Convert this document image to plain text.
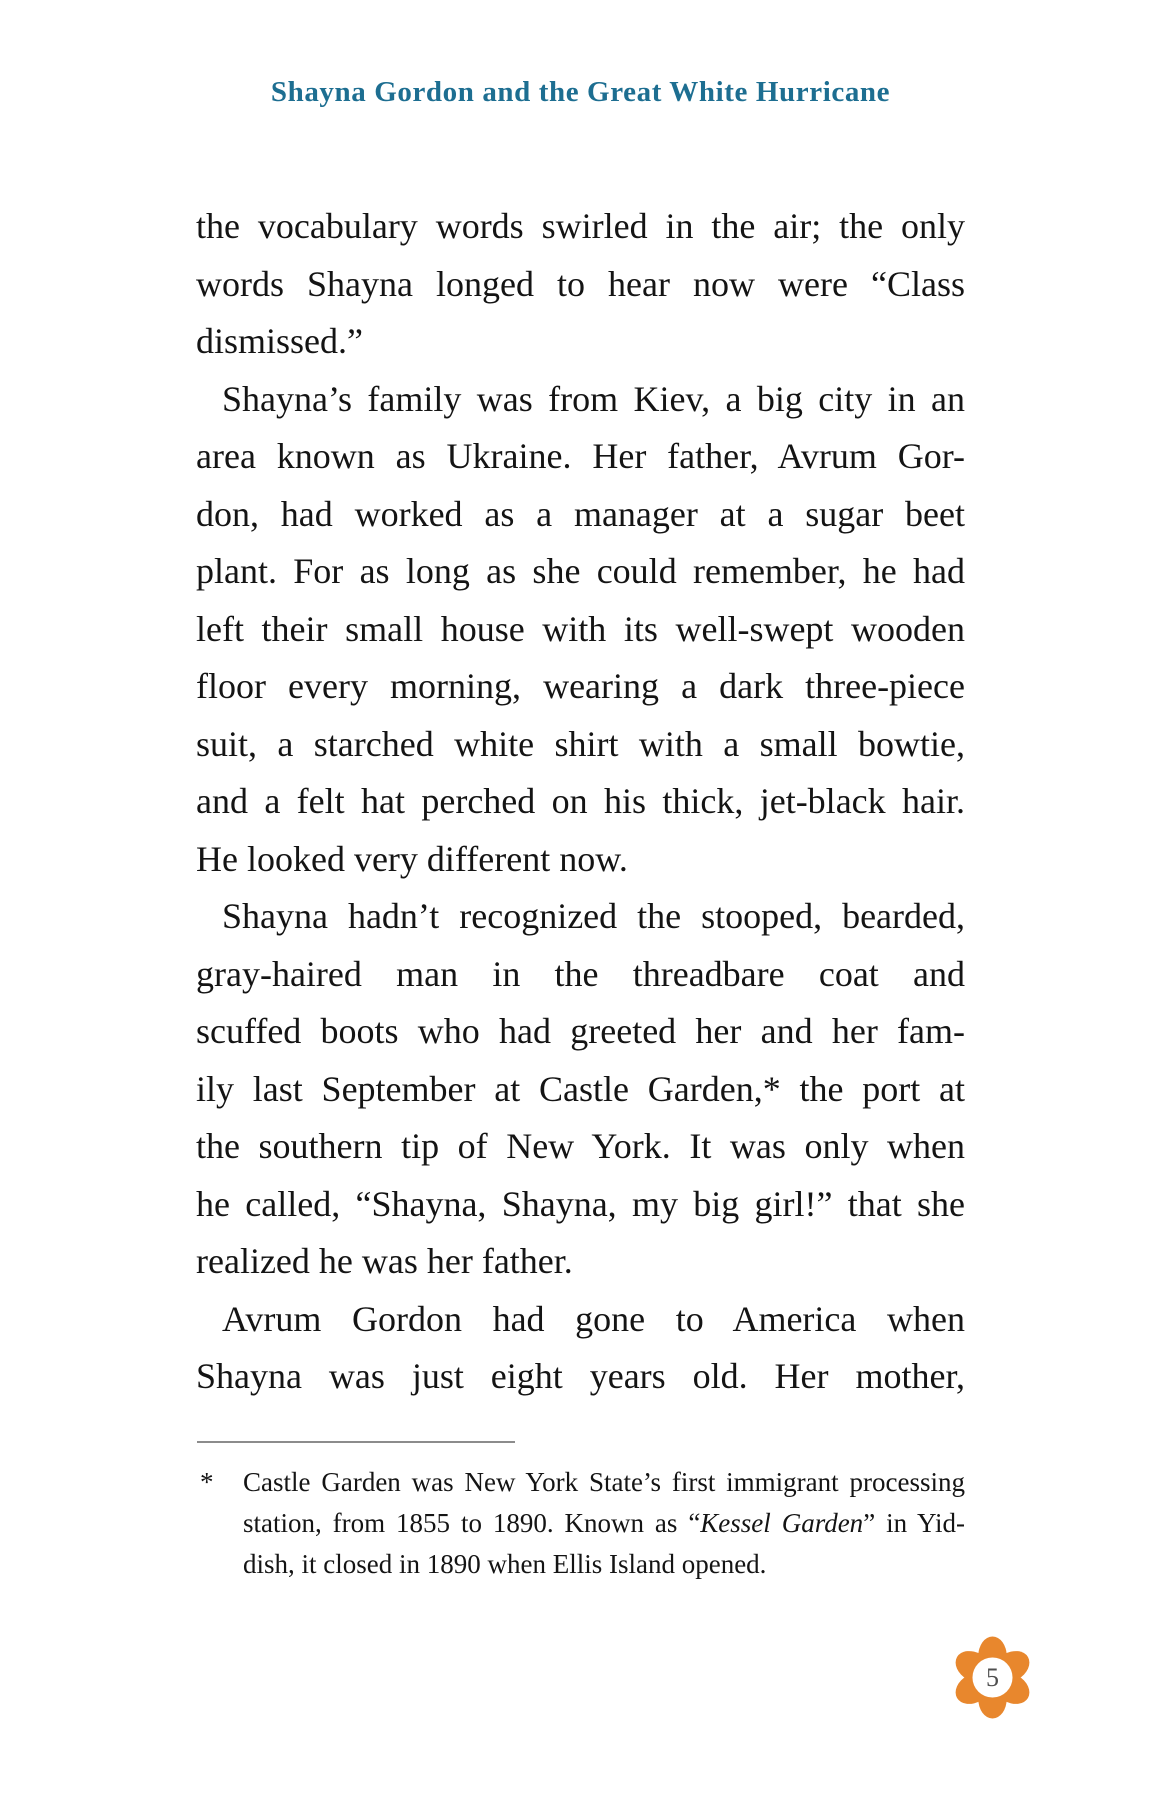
Shayna Gordon and the Great White Hurricane
the vocabulary words swirled in the air; the only
words Shayna longed to hear now were “Class
dismissed.”
Shayna’s family was from Kiev, a big city in an
area known as Ukraine. Her father, Avrum Gor-
don, had worked as a manager at a sugar beet
plant. For as long as she could remember, he had
left their small house with its well-swept wooden
floor every morning, wearing a dark three-piece
suit, a starched white shirt with a small bowtie,
and a felt hat perched on his thick, jet-black hair.
He looked very different now.
Shayna hadn’t recognized the stooped, bearded,
gray-haired man in the threadbare coat and
scuffed boots who had greeted her and her fam-
ily last September at Castle Garden,* the port at
the southern tip of New York. It was only when
he called, “Shayna, Shayna, my big girl!” that she
realized he was her father.
Avrum Gordon had gone to America when
Shayna was just eight years old. Her mother,
*	Castle Garden was New York State’s first immigrant processing
station, from 1855 to 1890. Known as “Kessel Garden” in Yid-
dish, it closed in 1890 when Ellis Island opened.
5
